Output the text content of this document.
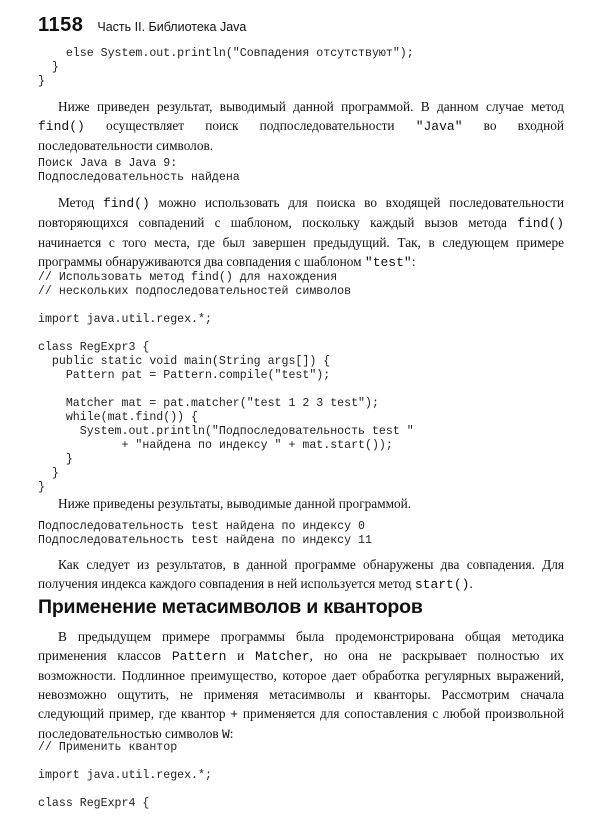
1158 Часть II. Библиотека Java
else System.out.println("Совпадения отсутствуют");
}
}

Ниже приведен результат, выводимый данной программой. В данном случае метод find() осуществляет поиск подпоследовательности "Java" во входной последовательности символов.

Поиск Java в Java 9:
Подпоследовательность найдена

Метод find() можно использовать для поиска во входящей последовательности повторяющихся совпадений с шаблоном, поскольку каждый вызов метода find() начинается с того места, где был завершен предыдущий. Так, в следующем примере программы обнаруживаются два совпадения с шаблоном "test":

// Использовать метод find() для нахождения
// нескольких подпоследовательностей символов

import java.util.regex.*;

class RegExpr3 {
public static void main(String args[]) {
Pattern pat = Pattern.compile("test");

Matcher mat = pat.matcher("test 1 2 3 test");
while(mat.find()) {
System.out.println("Подпоследовательность test "
+ "найдена по индексу " + mat.start());
}
}
}

Ниже приведены результаты, выводимые данной программой.

Подпоследовательность test найдена по индексу 0
Подпоследовательность test найдена по индексу 11

Как следует из результатов, в данной программе обнаружены два совпадения. Для получения индекса каждого совпадения в ней используется метод start().

Применение метасимволов и квантоpов

В предыдущем примере программы была продемонстрирована общая методика применения классов Pattern и Matcher, но она не раскрывает полностью их возможности. Подлинное преимущество, которое дает обработка регулярных выражений, невозможно ощутить, не применяя метасимволы и кванторы. Рассмотрим сначала следующий пример, где квантор + применяется для сопоставления с любой произвольной последовательностью символов W:

// Применить квантор

import java.util.regex.*;

class RegExpr4 {
